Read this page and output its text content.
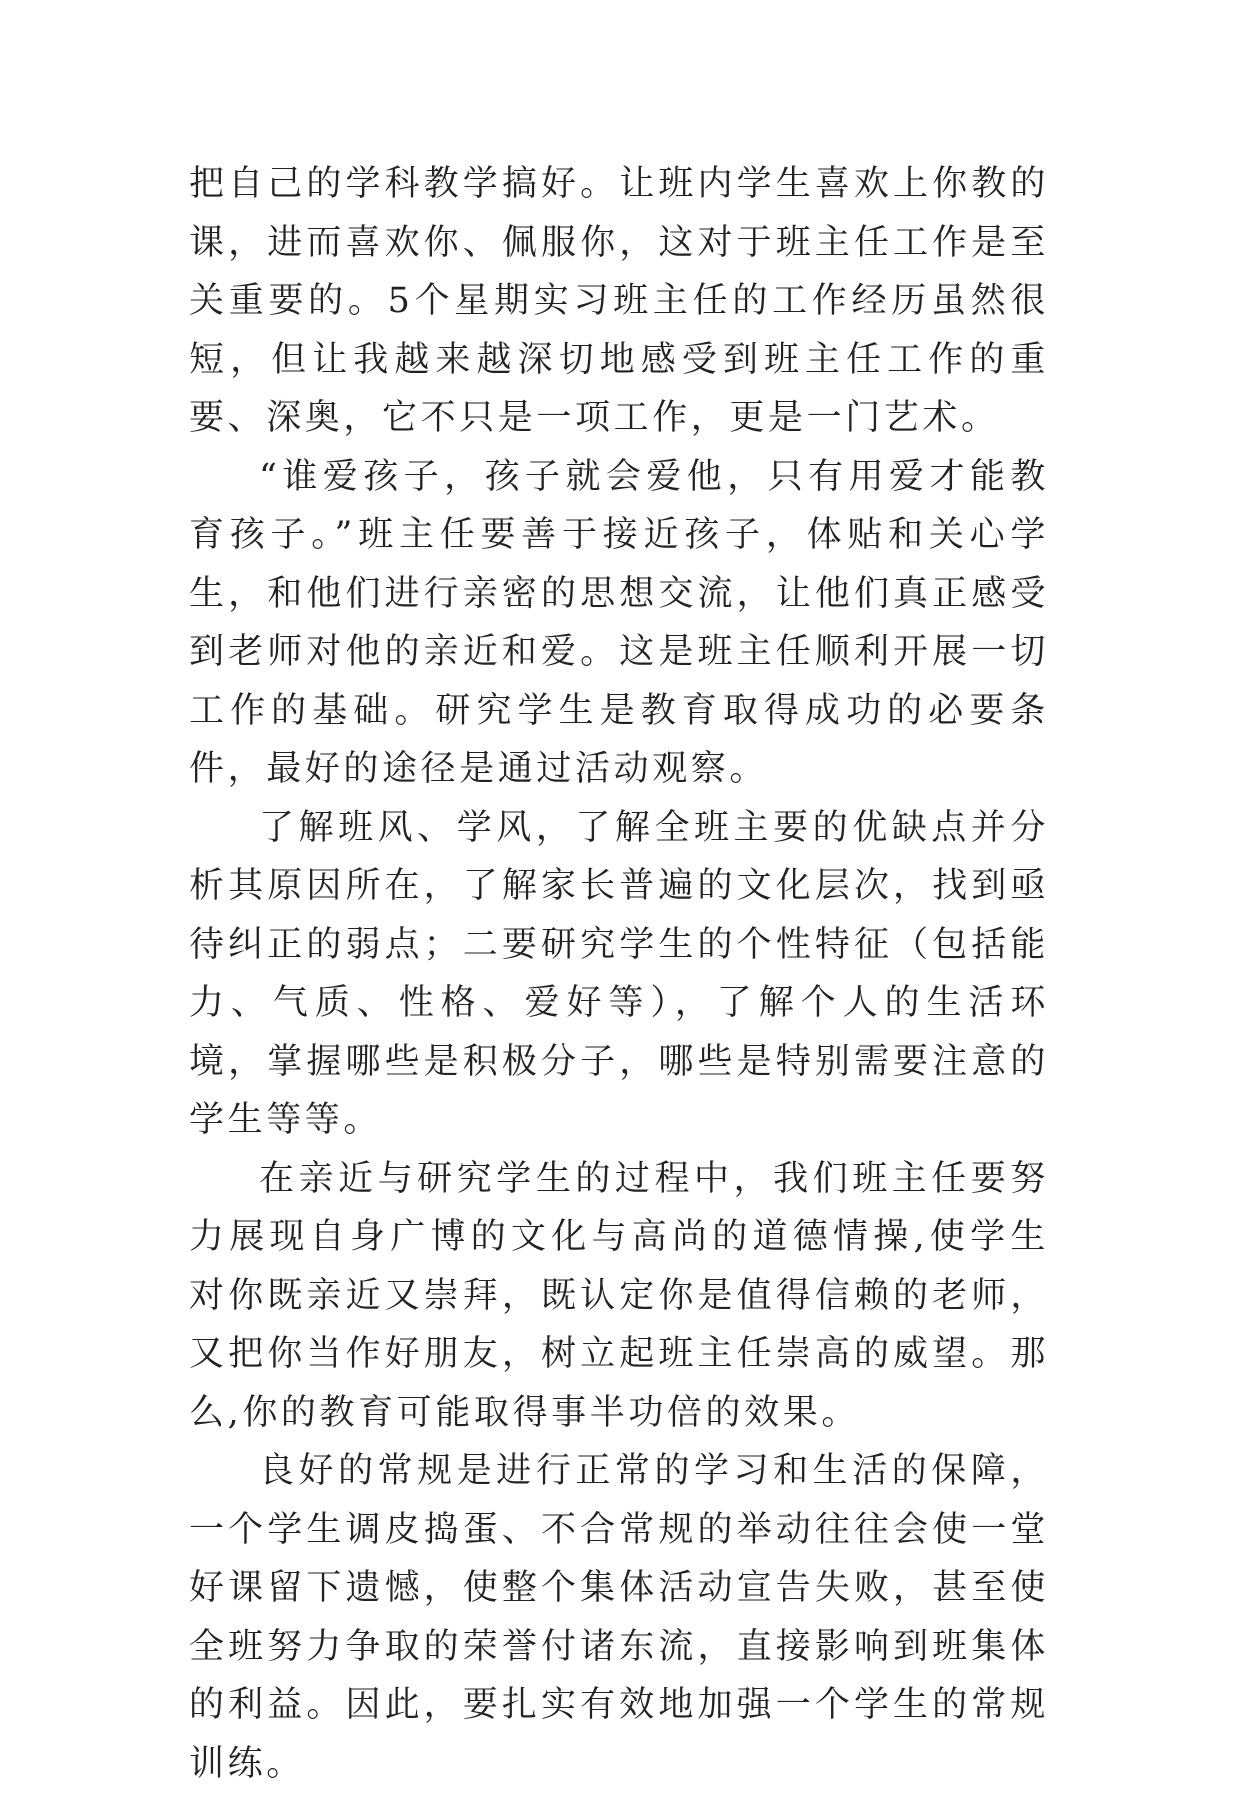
把自己的学科教学搞好。让班内学生喜欢上你教的课，进而喜欢你、佩服你，这对于班主任工作是至关重要的。5个星期实习班主任的工作经历虽然很短，但让我越来越深切地感受到班主任工作的重要、深奥，它不只是一项工作，更是一门艺术。

“谁爱孩子，孩子就会爱他，只有用爱才能教育孩子。”班主任要善于接近孩子，体贴和关心学生，和他们进行亲密的思想交流，让他们真正感受到老师对他的亲近和爱。这是班主任顺利开展一切工作的基础。研究学生是教育取得成功的必要条件，最好的途径是通过活动观察。

了解班风、学风，了解全班主要的优缺点并分析其原因所在，了解家长普遍的文化层次，找到亟待纠正的弱点；二要研究学生的个性特征（包括能力、气质、性格、爱好等），了解个人的生活环境，掌握哪些是积极分子，哪些是特别需要注意的学生等等。

在亲近与研究学生的过程中，我们班主任要努力展现自身广博的文化与高尚的道德情操,使学生对你既亲近又崇拜，既认定你是值得信赖的老师，又把你当作好朋友，树立起班主任崇高的威望。那么,你的教育可能取得事半功倍的效果。

良好的常规是进行正常的学习和生活的保障，一个学生调皮捣蛋、不合常规的举动往往会使一堂好课留下遗憾，使整个集体活动宣告失败，甚至使全班努力争取的荣誉付诸东流，直接影响到班集体的利益。因此，要扎实有效地加强一个学生的常规训练。
